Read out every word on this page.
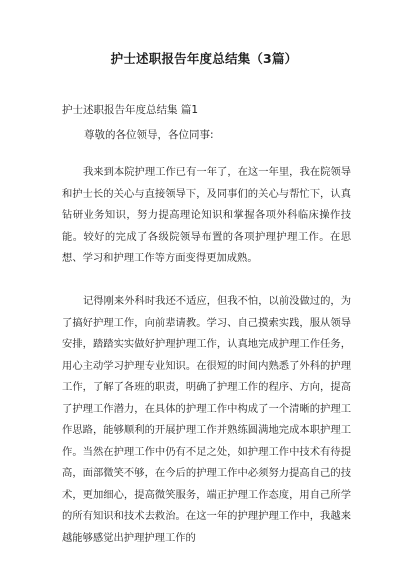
护士述职报告年度总结集（3篇）
护士述职报告年度总结集 篇1
尊敬的各位领导，各位同事:

我来到本院护理工作已有一年了，在这一年里，我在院领导和护士长的关心与直接领导下，及同事们的关心与帮忙下，认真钻研业务知识，努力提高理论知识和掌握各项外科临床操作技能。较好的完成了各级院领导布置的各项护理护理工作。在思想、学习和护理工作等方面变得更加成熟。

记得刚来外科时我还不适应，但我不怕，以前没做过的，为了搞好护理工作，向前辈请教。学习、自己摸索实践，服从领导安排，踏踏实实做好护理护理工作，认真地完成护理工作任务，用心主动学习护理专业知识。在很短的时间内熟悉了外科的护理工作，了解了各班的职责，明确了护理工作的程序、方向，提高了护理工作潜力，在具体的护理工作中构成了一个清晰的护理工作思路，能够顺利的开展护理工作并熟练圆满地完成本职护理工作。当然在护理工作中仍有不足之处，如护理工作中技术有待提高，面部微笑不够，在今后的护理工作中必须努力提高自己的技术，更加细心，提高微笑服务，端正护理工作态度，用自己所学的所有知识和技术去救治。在这一年的护理护理工作中，我越来越能够感觉出护理护理工作的
